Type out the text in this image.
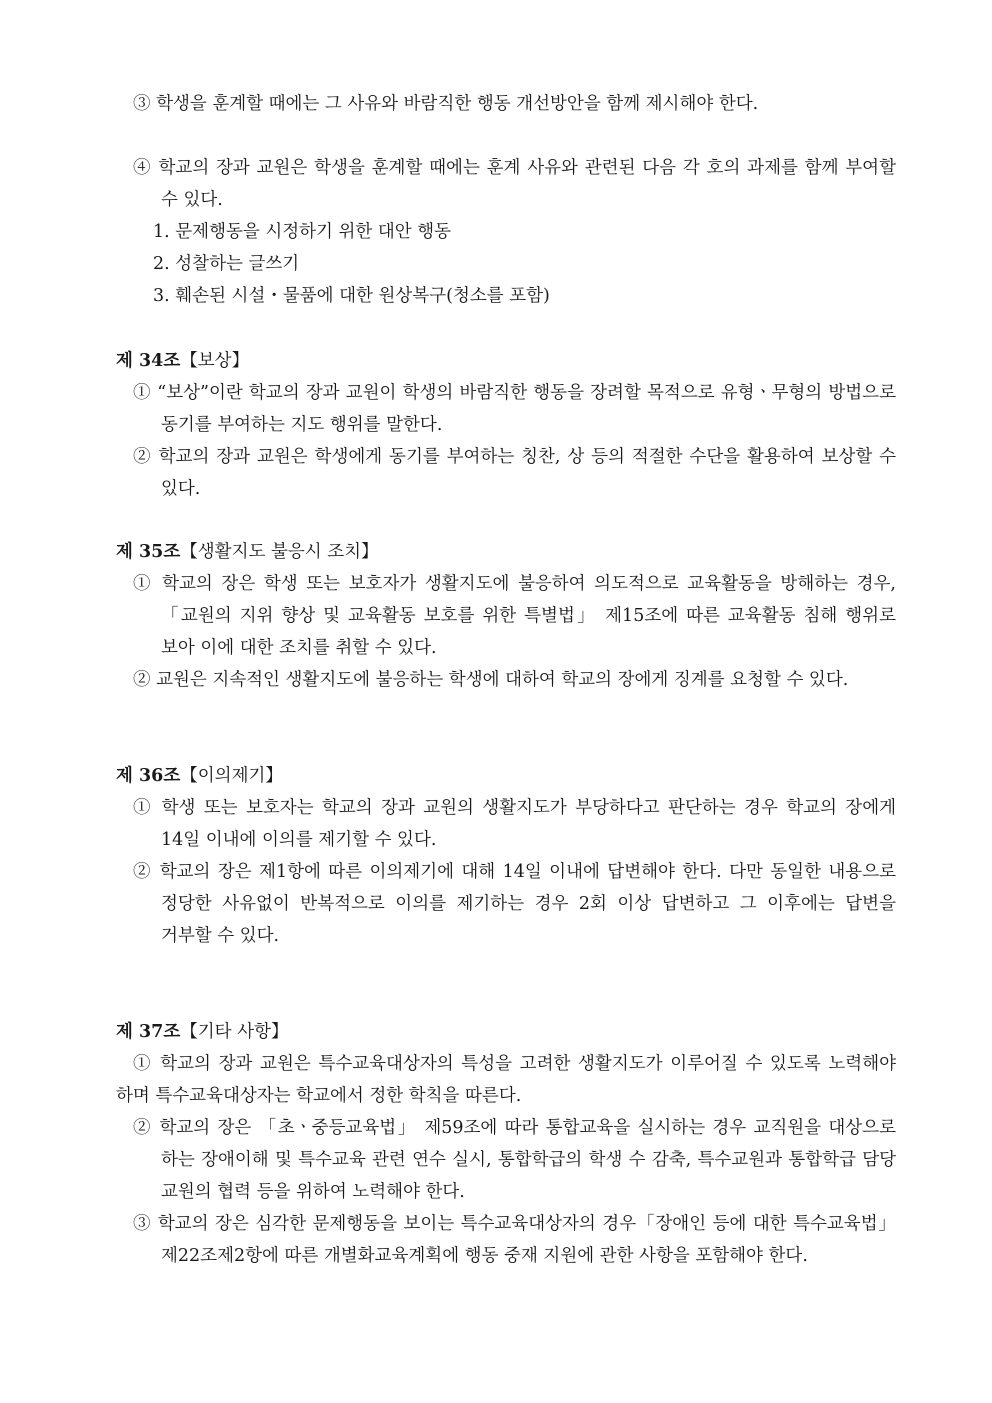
③ 학생을 훈계할 때에는 그 사유와 바람직한 행동 개선방안을 함께 제시해야 한다.
④ 학교의 장과 교원은 학생을 훈계할 때에는 훈계 사유와 관련된 다음 각 호의 과제를 함께 부여할 수 있다.
1. 문제행동을 시정하기 위한 대안 행동
2. 성찰하는 글쓰기
3. 훼손된 시설・물품에 대한 원상복구(청소를 포함)
제 34조【보상】
① “보상”이란 학교의 장과 교원이 학생의 바람직한 행동을 장려할 목적으로 유형ㆍ무형의 방법으로 동기를 부여하는 지도 행위를 말한다.
② 학교의 장과 교원은 학생에게 동기를 부여하는 칭찬, 상 등의 적절한 수단을 활용하여 보상할 수 있다.
제 35조【생활지도 불응시 조치】
① 학교의 장은 학생 또는 보호자가 생활지도에 불응하여 의도적으로 교육활동을 방해하는 경우, 「교원의 지위 향상 및 교육활동 보호를 위한 특별법」 제15조에 따른 교육활동 침해 행위로 보아 이에 대한 조치를 취할 수 있다.
② 교원은 지속적인 생활지도에 불응하는 학생에 대하여 학교의 장에게 징계를 요청할 수 있다.
제 36조【이의제기】
① 학생 또는 보호자는 학교의 장과 교원의 생활지도가 부당하다고 판단하는 경우 학교의 장에게 14일 이내에 이의를 제기할 수 있다.
② 학교의 장은 제1항에 따른 이의제기에 대해 14일 이내에 답변해야 한다. 다만 동일한 내용으로 정당한 사유없이 반복적으로 이의를 제기하는 경우 2회 이상 답변하고 그 이후에는 답변을 거부할 수 있다.
제 37조【기타 사항】
① 학교의 장과 교원은 특수교육대상자의 특성을 고려한 생활지도가 이루어질 수 있도록 노력해야 하며 특수교육대상자는 학교에서 정한 학칙을 따른다.
② 학교의 장은 「초ㆍ중등교육법」 제59조에 따라 통합교육을 실시하는 경우 교직원을 대상으로 하는 장애이해 및 특수교육 관련 연수 실시, 통합학급의 학생 수 감축, 특수교원과 통합학급 담당 교원의 협력 등을 위하여 노력해야 한다.
③ 학교의 장은 심각한 문제행동을 보이는 특수교육대상자의 경우「장애인 등에 대한 특수교육법」제22조제2항에 따른 개별화교육계획에 행동 중재 지원에 관한 사항을 포함해야 한다.
